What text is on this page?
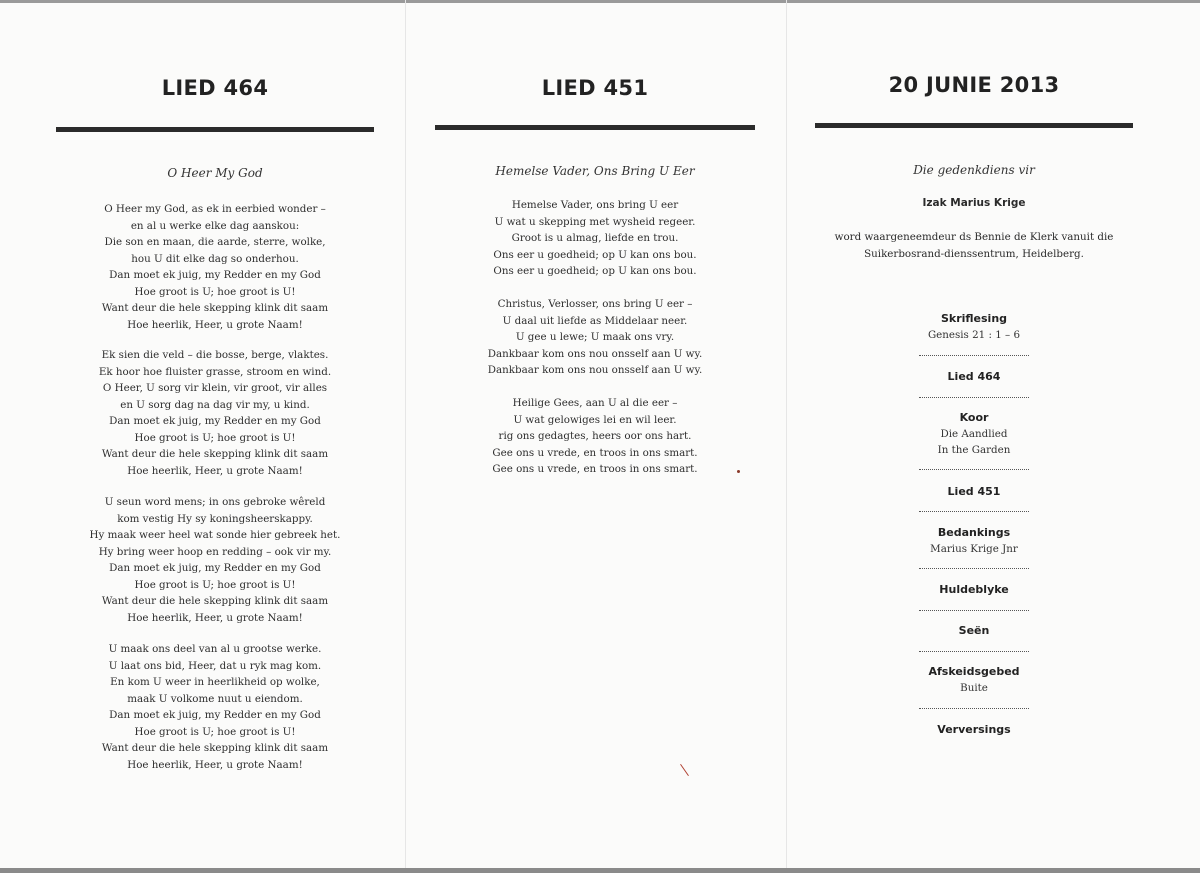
LIED 464
O Heer My God
O Heer my God, as ek in eerbied wonder –
en al u werke elke dag aanskou:
Die son en maan, die aarde, sterre, wolke,
hou U dit elke dag so onderhou.
Dan moet ek juig, my Redder en my God
Hoe groot is U; hoe groot is U!
Want deur die hele skepping klink dit saam
Hoe heerlik, Heer, u grote Naam!
Ek sien die veld – die bosse, berge, vlaktes.
Ek hoor hoe fluister grasse, stroom en wind.
O Heer, U sorg vir klein, vir groot, vir alles
en U sorg dag na dag vir my, u kind.
Dan moet ek juig, my Redder en my God
Hoe groot is U; hoe groot is U!
Want deur die hele skepping klink dit saam
Hoe heerlik, Heer, u grote Naam!
U seun word mens; in ons gebroke wêreld
kom vestig Hy sy koningsheerskappy.
Hy maak weer heel wat sonde hier gebreek het.
Hy bring weer hoop en redding – ook vir my.
Dan moet ek juig, my Redder en my God
Hoe groot is U; hoe groot is U!
Want deur die hele skepping klink dit saam
Hoe heerlik, Heer, u grote Naam!
U maak ons deel van al u grootse werke.
U laat ons bid, Heer, dat u ryk mag kom.
En kom U weer in heerlikheid op wolke,
maak U volkome nuut u eiendom.
Dan moet ek juig, my Redder en my God
Hoe groot is U; hoe groot is U!
Want deur die hele skepping klink dit saam
Hoe heerlik, Heer, u grote Naam!
LIED 451
Hemelse Vader, Ons Bring U Eer
Hemelse Vader, ons bring U eer
U wat u skepping met wysheid regeer.
Groot is u almag, liefde en trou.
Ons eer u goedheid; op U kan ons bou.
Ons eer u goedheid; op U kan ons bou.
Christus, Verlosser, ons bring U eer –
U daal uit liefde as Middelaar neer.
U gee u lewe; U maak ons vry.
Dankbaar kom ons nou onsself aan U wy.
Dankbaar kom ons nou onsself aan U wy.
Heilige Gees, aan U al die eer –
U wat gelowiges lei en wil leer.
rig ons gedagtes, heers oor ons hart.
Gee ons u vrede, en troos in ons smart.
Gee ons u vrede, en troos in ons smart.
20 JUNIE 2013
Die gedenkdiens vir
Izak Marius Krige
word waargeneemdeur ds Bennie de Klerk vanuit die
Suikerbosrand-dienssentrum, Heidelberg.
Skriflesing
Genesis 21 : 1 – 6
Lied 464
Koor
Die Aandlied
In the Garden
Lied 451
Bedankings
Marius Krige Jnr
Huldeblyke
Seën
Afskeidsgebed
Buite
Verversings
